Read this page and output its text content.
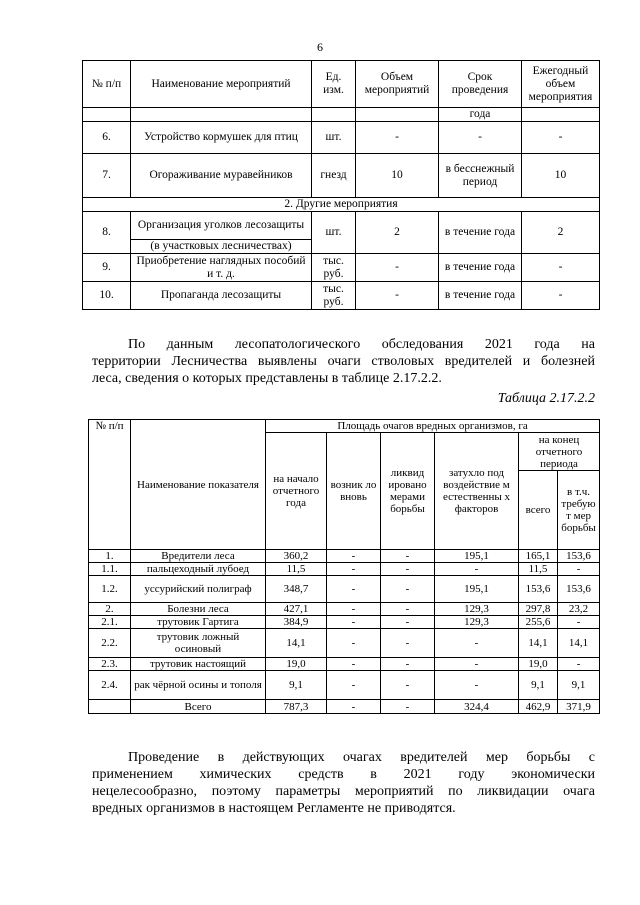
6
№ п/п	Наименование мероприятий	Ед. изм.	Объем мероприятий	Срок проведения	Ежегодный объем мероприятия
				года	
6.	Устройство кормушек для птиц	шт.	-	-	-
7.	Огораживание муравейников	гнезд	10	в бесснежный период	10
2. Другие мероприятия					
8.	Организация уголков лесозащиты	шт.	2	в течение года	2
	(в участковых лесничествах)				
9.	Приобретение наглядных пособий и т. д.	тыс. руб.	-	в течение года	-
10.	Пропаганда лесозащиты	тыс. руб.	-	в течение года	-
По данным лесопатологического обследования 2021 года на
территории Лесничества выявлены очаги стволовых вредителей и болезней
леса, сведения о которых представлены в таблице 2.17.2.2.
Таблица 2.17.2.2
№ п/п	Наименование показателя	Площадь очагов вредных организмов, га					
		на начало отчетного года	возник ло вновь	ликвид ировано мерами борьбы	затухло под воздействие м естественны х факторов	на конец отчетного периода	
						всего	в т.ч. требую т мер борьбы
1.	Вредители леса	360,2	-	-	195,1	165,1	153,6
1.1.	пальцеходный лубоед	11,5	-	-	-	11,5	-
1.2.	уссурийский полиграф	348,7	-	-	195,1	153,6	153,6
2.	Болезни леса	427,1	-	-	129,3	297,8	23,2
2.1.	трутовик Гартига	384,9	-	-	129,3	255,6	-
2.2.	трутовик ложный осиновый	14,1	-	-	-	14,1	14,1
2.3.	трутовик настоящий	19,0	-	-	-	19,0	-
2.4.	рак чёрной осины и тополя	9,1	-	-	-	9,1	9,1
	Всего	787,3	-	-	324,4	462,9	371,9
Проведение в действующих очагах вредителей мер борьбы с
применением химических средств в 2021 году экономически
нецелесообразно, поэтому параметры мероприятий по ликвидации очага
вредных организмов в настоящем Регламенте не приводятся.
